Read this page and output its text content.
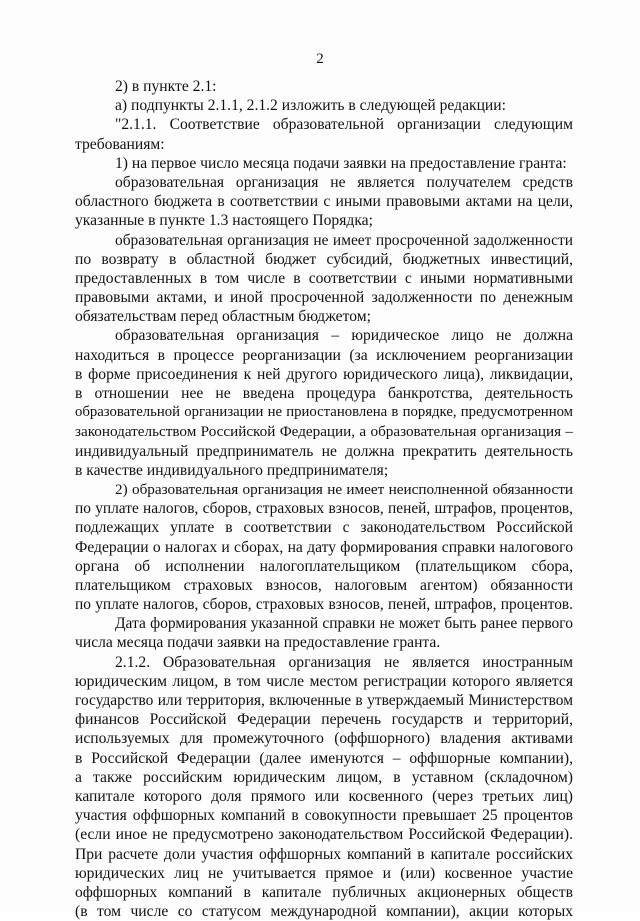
2
2) в пункте 2.1:
а) подпункты 2.1.1, 2.1.2 изложить в следующей редакции:
"2.1.1. Соответствие образовательной организации следующим
требованиям:
1) на первое число месяца подачи заявки на предоставление гранта:
образовательная организация не является получателем средств
областного бюджета в соответствии с иными правовыми актами на цели,
указанные в пункте 1.3 настоящего Порядка;
образовательная организация не имеет просроченной задолженности
по возврату в областной бюджет субсидий, бюджетных инвестиций,
предоставленных в том числе в соответствии с иными нормативными
правовыми актами, и иной просроченной задолженности по денежным
обязательствам перед областным бюджетом;
образовательная организация – юридическое лицо не должна
находиться в процессе реорганизации (за исключением реорганизации
в форме присоединения к ней другого юридического лица), ликвидации,
в отношении нее не введена процедура банкротства, деятельность
образовательной организации не приостановлена в порядке, предусмотренном
законодательством Российской Федерации, а образовательная организация –
индивидуальный предприниматель не должна прекратить деятельность
в качестве индивидуального предпринимателя;
2) образовательная организация не имеет неисполненной обязанности
по уплате налогов, сборов, страховых взносов, пеней, штрафов, процентов,
подлежащих уплате в соответствии с законодательством Российской
Федерации о налогах и сборах, на дату формирования справки налогового
органа об исполнении налогоплательщиком (плательщиком сбора,
плательщиком страховых взносов, налоговым агентом) обязанности
по уплате налогов, сборов, страховых взносов, пеней, штрафов, процентов.
Дата формирования указанной справки не может быть ранее первого
числа месяца подачи заявки на предоставление гранта.
2.1.2. Образовательная организация не является иностранным
юридическим лицом, в том числе местом регистрации которого является
государство или территория, включенные в утверждаемый Министерством
финансов Российской Федерации перечень государств и территорий,
используемых для промежуточного (оффшорного) владения активами
в Российской Федерации (далее именуются – оффшорные компании),
а также российским юридическим лицом, в уставном (складочном)
капитале которого доля прямого или косвенного (через третьих лиц)
участия оффшорных компаний в совокупности превышает 25 процентов
(если иное не предусмотрено законодательством Российской Федерации).
При расчете доли участия оффшорных компаний в капитале российских
юридических лиц не учитывается прямое и (или) косвенное участие
оффшорных компаний в капитале публичных акционерных обществ
(в том числе со статусом международной компании), акции которых
